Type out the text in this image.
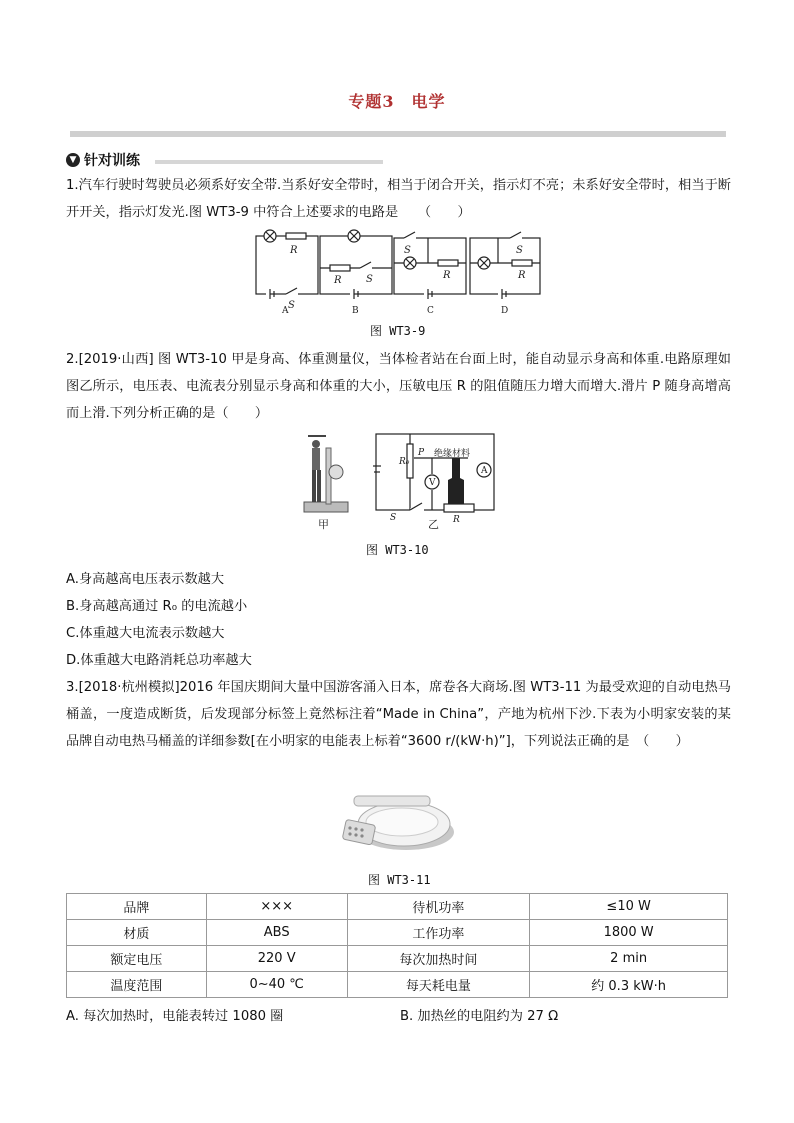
专题3　电学
▼ 针对训练
1.汽车行驶时驾驶员必须系好安全带.当系好安全带时，相当于闭合开关，指示灯不亮；未系好安全带时，相当于断开开关，指示灯发光.图 WT3-9 中符合上述要求的电路是　　（　　）
R
R	R	R
S
S
S	S
A	B	C	D
图 WT3-9
2.[2019·山西] 图 WT3-10 甲是身高、体重测量仪，当体检者站在台面上时，能自动显示身高和体重.电路原理如图乙所示，电压表、电流表分别显示身高和体重的大小，压敏电压 R 的阻值随压力增大而增大.滑片 P 随身高增高而上滑.下列分析正确的是（　　）
甲
R₀
P 绝缘材料
V
A
R
S	乙
图 WT3-10
A.身高越高电压表示数越大
B.身高越高通过 R₀ 的电流越小
C.体重越大电流表示数越大
D.体重越大电路消耗总功率越大
3.[2018·杭州模拟]2016 年国庆期间大量中国游客涌入日本，席卷各大商场.图 WT3-11 为最受欢迎的自动电热马桶盖，一度造成断货，后发现部分标签上竟然标注着“Made in China”，产地为杭州下沙.下表为小明家安装的某品牌自动电热马桶盖的详细参数[在小明家的电能表上标着“3600 r/(kW·h)”]，下列说法正确的是　（　　）
图 WT3-11
品牌	×××	待机功率	≤10 W
材质	ABS	工作功率	1800 W
额定电压	220 V	每次加热时间	2 min
温度范围	0~40 ℃	每天耗电量	约 0.3 kW·h
A. 每次加热时，电能表转过 1080 圈	B. 加热丝的电阻约为 27 Ω
